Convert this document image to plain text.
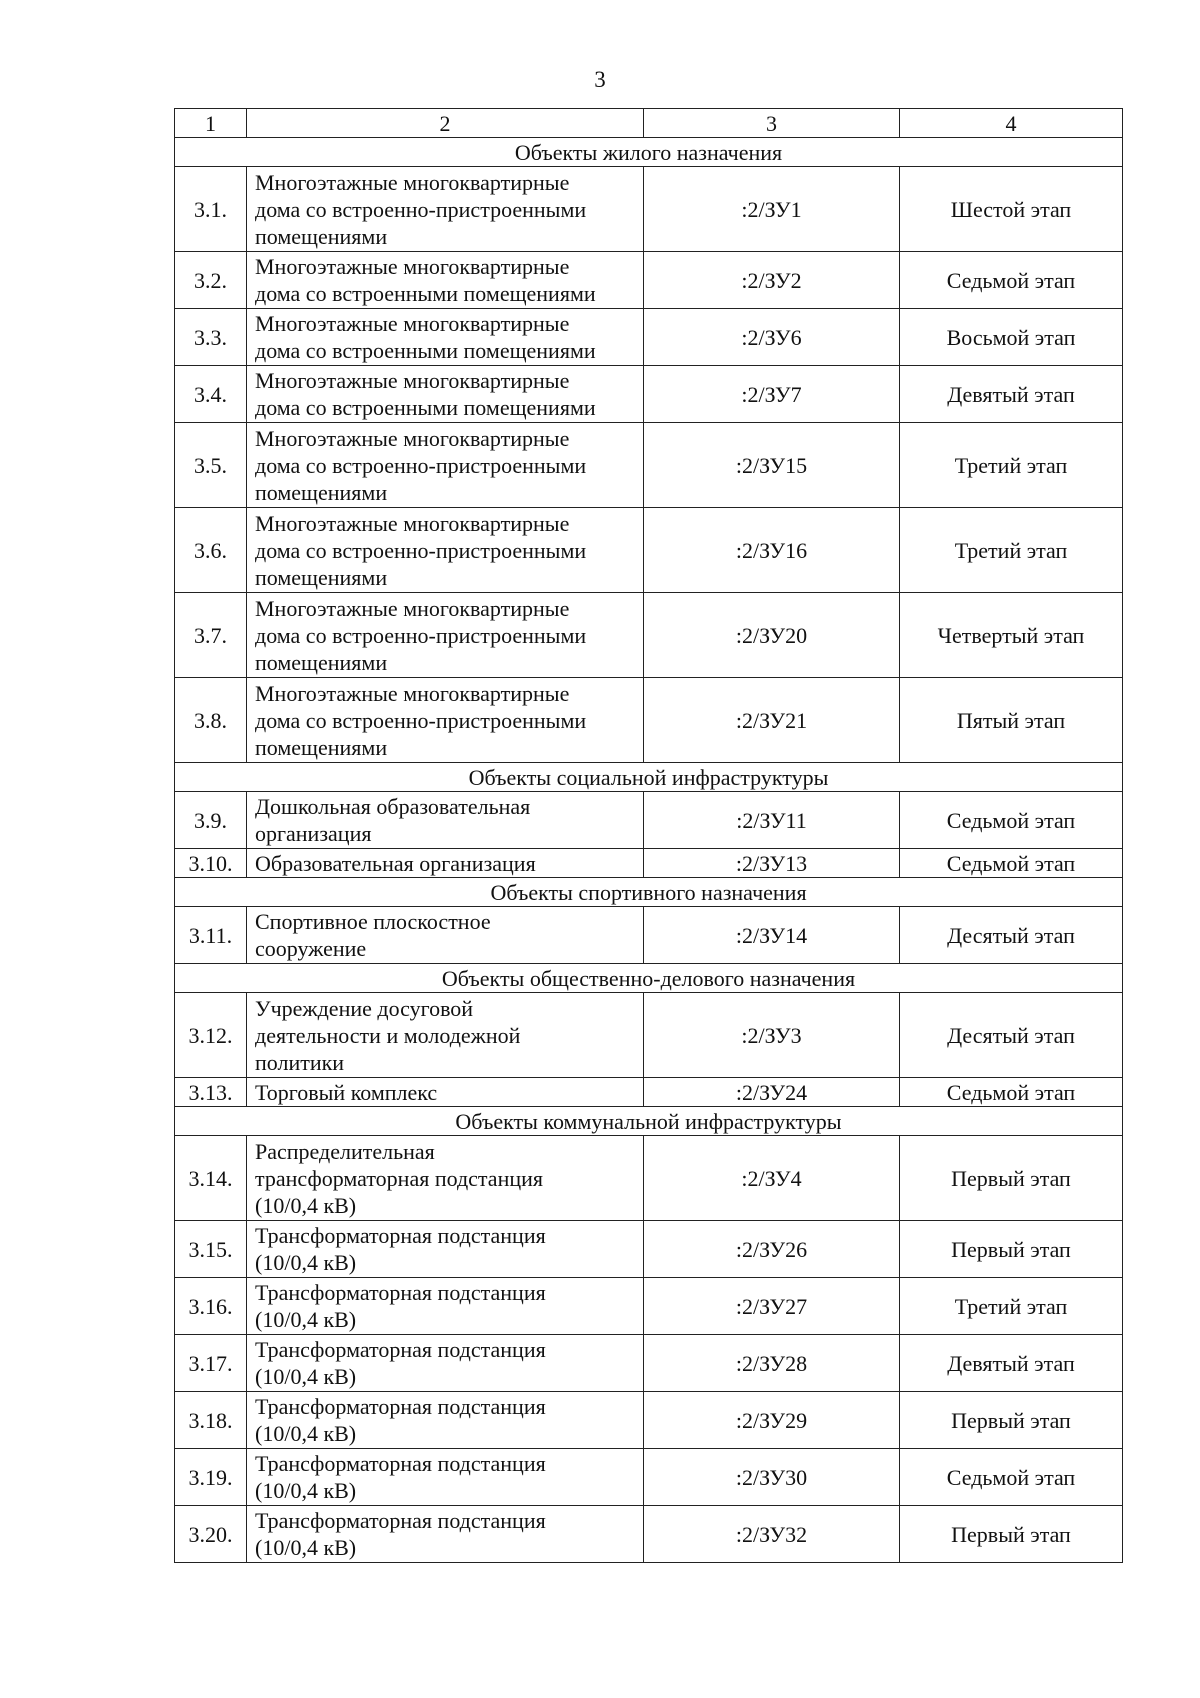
3
1	2	3	4
Объекты жилого назначения			
3.1.	Многоэтажные многоквартирные
дома со встроенно-пристроенными
помещениями	:2/ЗУ1	Шестой этап
3.2.	Многоэтажные многоквартирные
дома со встроенными помещениями	:2/ЗУ2	Седьмой этап
3.3.	Многоэтажные многоквартирные
дома со встроенными помещениями	:2/ЗУ6	Восьмой этап
3.4.	Многоэтажные многоквартирные
дома со встроенными помещениями	:2/ЗУ7	Девятый этап
3.5.	Многоэтажные многоквартирные
дома со встроенно-пристроенными
помещениями	:2/ЗУ15	Третий этап
3.6.	Многоэтажные многоквартирные
дома со встроенно-пристроенными
помещениями	:2/ЗУ16	Третий этап
3.7.	Многоэтажные многоквартирные
дома со встроенно-пристроенными
помещениями	:2/ЗУ20	Четвертый этап
3.8.	Многоэтажные многоквартирные
дома со встроенно-пристроенными
помещениями	:2/ЗУ21	Пятый этап
Объекты социальной инфраструктуры			
3.9.	Дошкольная образовательная
организация	:2/ЗУ11	Седьмой этап
3.10.	Образовательная организация	:2/ЗУ13	Седьмой этап
Объекты спортивного назначения			
3.11.	Спортивное плоскостное
сооружение	:2/ЗУ14	Десятый этап
Объекты общественно-делового назначения			
3.12.	Учреждение досуговой
деятельности и молодежной
политики	:2/ЗУ3	Десятый этап
3.13.	Торговый комплекс	:2/ЗУ24	Седьмой этап
Объекты коммунальной инфраструктуры			
3.14.	Распределительная
трансформаторная подстанция
(10/0,4 кВ)	:2/ЗУ4	Первый этап
3.15.	Трансформаторная подстанция
(10/0,4 кВ)	:2/ЗУ26	Первый этап
3.16.	Трансформаторная подстанция
(10/0,4 кВ)	:2/ЗУ27	Третий этап
3.17.	Трансформаторная подстанция
(10/0,4 кВ)	:2/ЗУ28	Девятый этап
3.18.	Трансформаторная подстанция
(10/0,4 кВ)	:2/ЗУ29	Первый этап
3.19.	Трансформаторная подстанция
(10/0,4 кВ)	:2/ЗУ30	Седьмой этап
3.20.	Трансформаторная подстанция
(10/0,4 кВ)	:2/ЗУ32	Первый этап
